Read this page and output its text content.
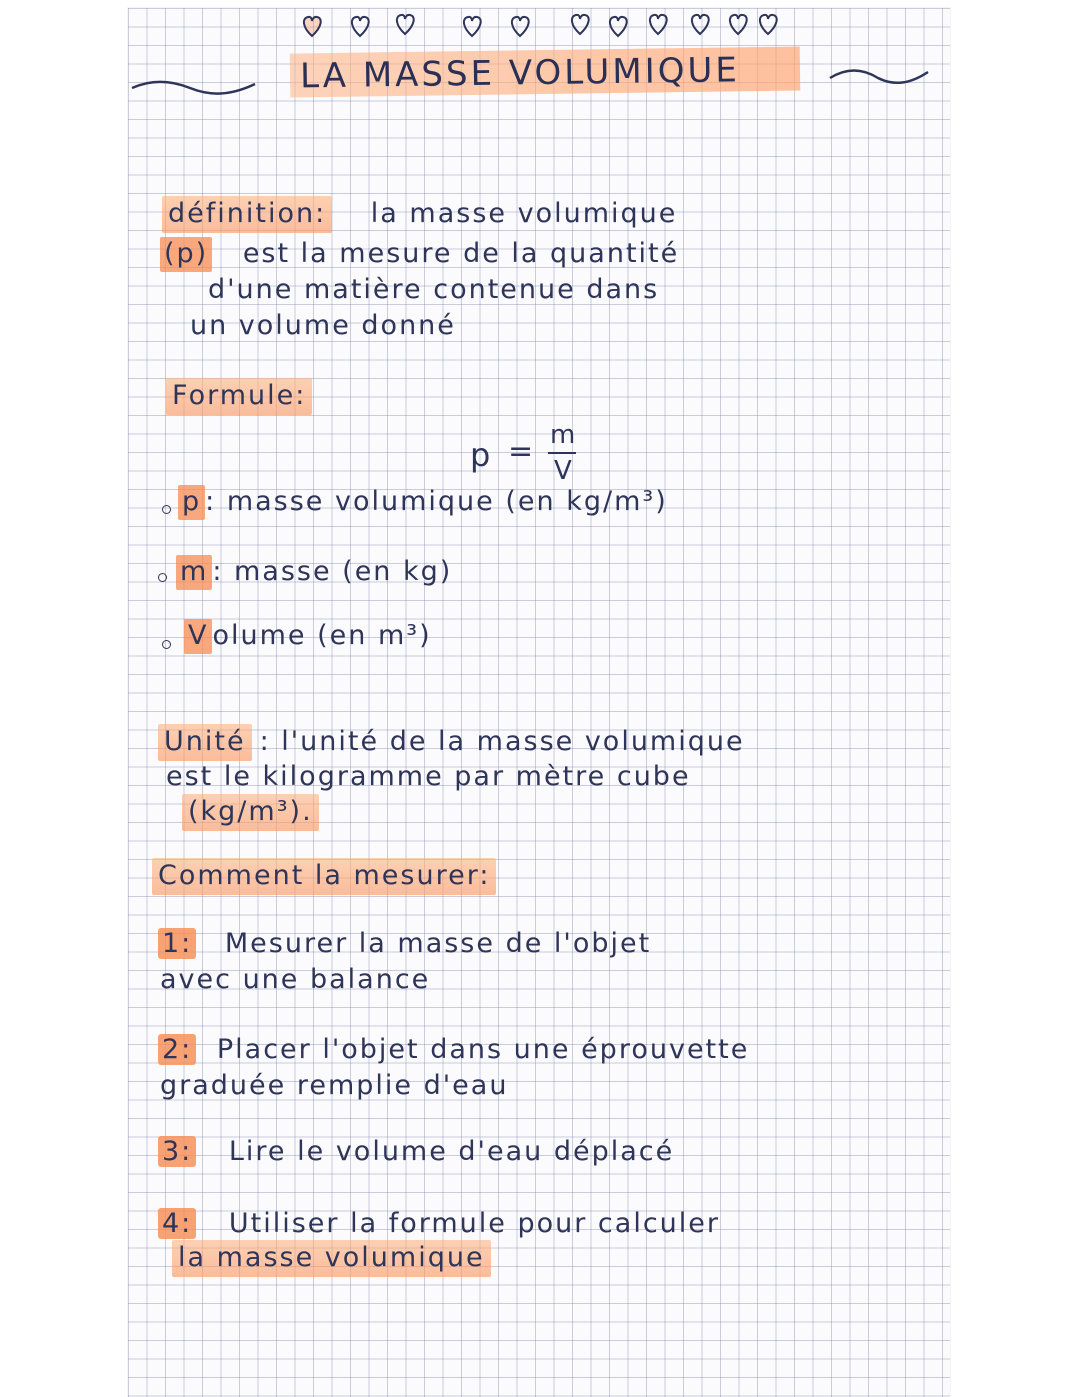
LA MASSE VOLUMIQUE
définition: la masse volumique
(p) est la mesure de la quantité
d'une matière contenue dans
un volume donné
Formule:
p = m
V
p : masse volumique (en kg/m³)
m : masse (en kg)
V olume (en m³)
Unité : l'unité de la masse volumique
est le kilogramme par mètre cube
(kg/m³).
Comment la mesurer:
1: Mesurer la masse de l'objet
avec une balance
2: Placer l'objet dans une éprouvette
graduée remplie d'eau
3: Lire le volume d'eau déplacé
4: Utiliser la formule pour calculer
la masse volumique
